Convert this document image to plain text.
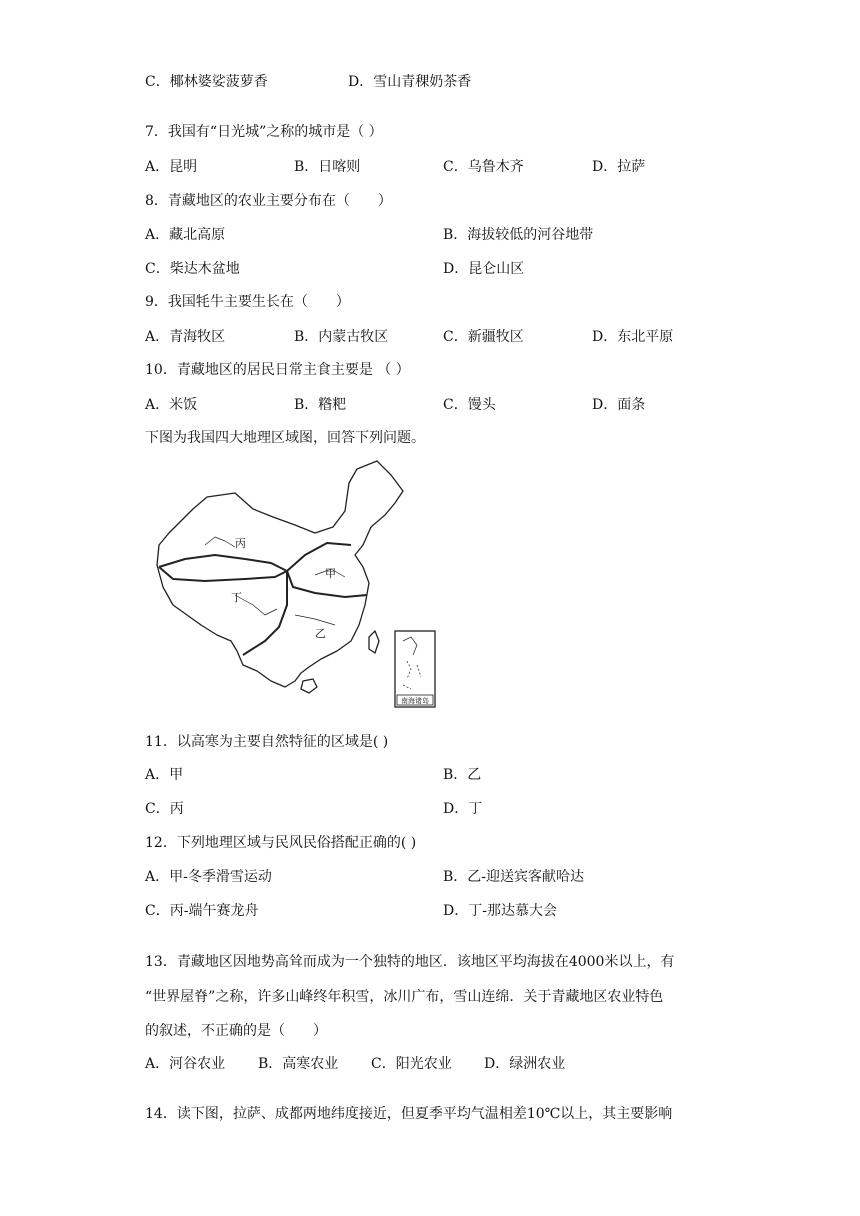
C．椰林婆娑菠萝香	D．雪山青稞奶茶香
7．我国有“日光城”之称的城市是（ ）
A．昆明	B．日喀则	C．乌鲁木齐	D．拉萨
8．青藏地区的农业主要分布在（　　）
A．藏北高原	B．海拔较低的河谷地带
C．柴达木盆地	D．昆仑山区
9．我国牦牛主要生长在（　　）
A．青海牧区	B．内蒙古牧区	C．新疆牧区	D．东北平原
10．青藏地区的居民日常主食主要是 （ ）
A．米饭	B．糌粑	C．馒头	D．面条
下图为我国四大地理区域图，回答下列问题。
丙
甲
丁
乙
南海诸岛
11．以高寒为主要自然特征的区域是( )
A．甲	B．乙
C．丙	D．丁
12．下列地理区域与民风民俗搭配正确的( )
A．甲-冬季滑雪运动	B．乙-迎送宾客献哈达
C．丙-端午赛龙舟	D．丁-那达慕大会
13．青藏地区因地势高耸而成为一个独特的地区．该地区平均海拔在4000米以上，有
“世界屋脊”之称，许多山峰终年积雪，冰川广布，雪山连绵．关于青藏地区农业特色
的叙述，不正确的是（　　）
A．河谷农业 B．高寒农业 C．阳光农业 D．绿洲农业
14．读下图，拉萨、成都两地纬度接近，但夏季平均气温相差10℃以上，其主要影响
